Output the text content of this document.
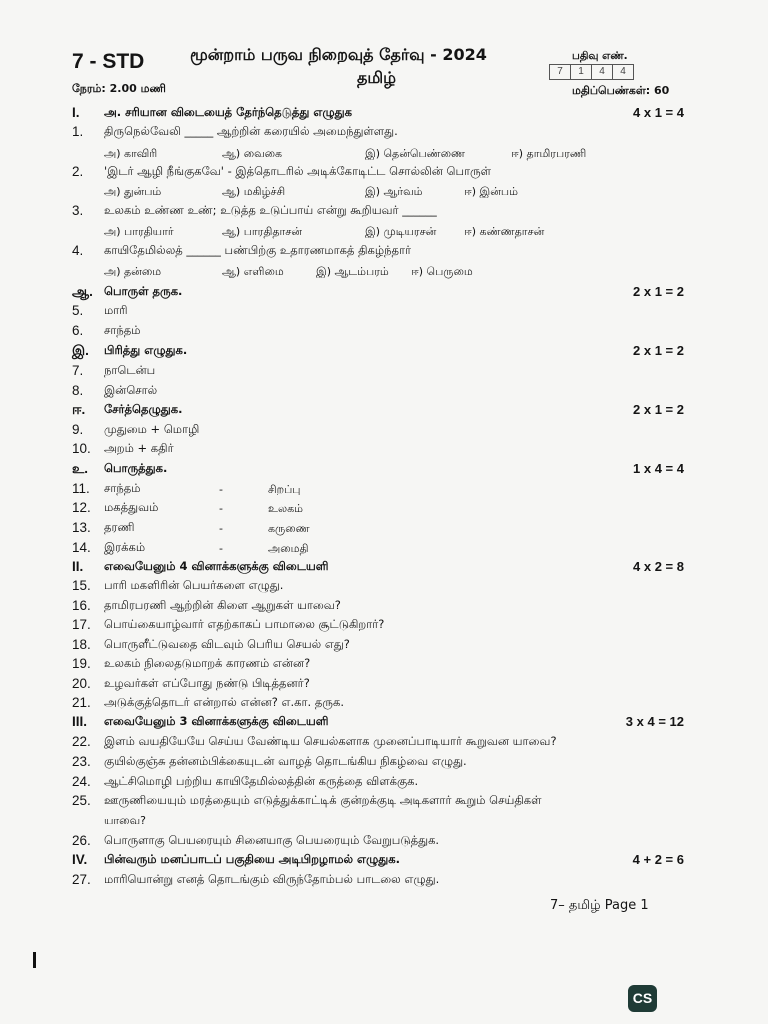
7 - STD	மூன்றாம் பருவ நிறைவுத் தேர்வு - 2024
தமிழ்
பதிவு எண்.
7	1	4	4
நேரம்: 2.00 மணி	மதிப்பெண்கள்: 60
I.	அ. சரியான விடையைத் தேர்ந்தெடுத்து எழுதுக	4 x 1 = 4
1.	திருநெல்வேலி _____ ஆற்றின் கரையில் அமைந்துள்ளது.
அ) காவிரி	ஆ) வைகை	இ) தென்பெண்ணை	ஈ) தாமிரபரணி
2.	'இடர் ஆழி நீங்குகவே' - இத்தொடரில் அடிக்கோடிட்ட சொல்லின் பொருள்
அ) துன்பம்	ஆ) மகிழ்ச்சி	இ) ஆர்வம்	ஈ) இன்பம்
3.	உலகம் உண்ண உண்; உடுத்த உடுப்பாய் என்று கூறியவர் ______
அ) பாரதியார்	ஆ) பாரதிதாசன்	இ) முடியரசன்	ஈ) கண்ணதாசன்
4.	காயிதேமில்லத் ______ பண்பிற்கு உதாரணமாகத் திகழ்ந்தார்
அ) தன்மை	ஆ) எளிமை	இ) ஆடம்பரம் ஈ) பெருமை
ஆ. பொருள் தருக.	2 x 1 = 2
5.	மாரி
6.	சாந்தம்
இ.	பிரித்து எழுதுக.	2 x 1 = 2
7.	நாடென்ப
8.	இன்சொல்
ஈ.	சேர்த்தெழுதுக.	2 x 1 = 2
9.	முதுமை + மொழி
10.	அறம் + கதிர்
உ.	பொருத்துக.	1 x 4 = 4
11.	சாந்தம்	-	சிறப்பு
12.	மகத்துவம்	-	உலகம்
13.	தரணி	-	கருணை
14.	இரக்கம்	-	அமைதி
II.	எவையேனும் 4 வினாக்களுக்கு விடையளி	4 x 2 = 8
15.	பாரி மகளிரின் பெயர்களை எழுது.
16.	தாமிரபரணி ஆற்றின் கிளை ஆறுகள் யாவை?
17.	பொய்கையாழ்வார் எதற்காகப் பாமாலை சூட்டுகிறார்?
18.	பொருளீட்டுவதை விடவும் பெரிய செயல் எது?
19.	உலகம் நிலைதடுமாறக் காரணம் என்ன?
20.	உழவர்கள் எப்போது நண்டு பிடித்தனர்?
21.	அடுக்குத்தொடர் என்றால் என்ன? எ.கா. தருக.
III.	எவையேனும் 3 வினாக்களுக்கு விடையளி	3 x 4 = 12
22.	இளம் வயதியேயே செய்ய வேண்டிய செயல்களாக முனைப்பாடியார் கூறுவன யாவை?
23.	குயில்குஞ்சு தன்னம்பிக்கையுடன் வாழத் தொடங்கிய நிகழ்வை எழுது.
24.	ஆட்சிமொழி பற்றிய காயிதேமில்லத்தின் கருத்தை விளக்குக.
25.	ஊருணியையும் மரத்தையும் எடுத்துக்காட்டிக் குன்றக்குடி அடிகளார் கூறும் செய்திகள்
யாவை?
26.	பொருளாகு பெயரையும் சினையாகு பெயரையும் வேறுபடுத்துக.
IV.	பின்வரும் மனப்பாடப் பகுதியை அடிபிறழாமல் எழுதுக.	4 + 2 = 6
27.	மாரியொன்று எனத் தொடங்கும் விருந்தோம்பல் பாடலை எழுது.
7– தமிழ் Page 1
CS
